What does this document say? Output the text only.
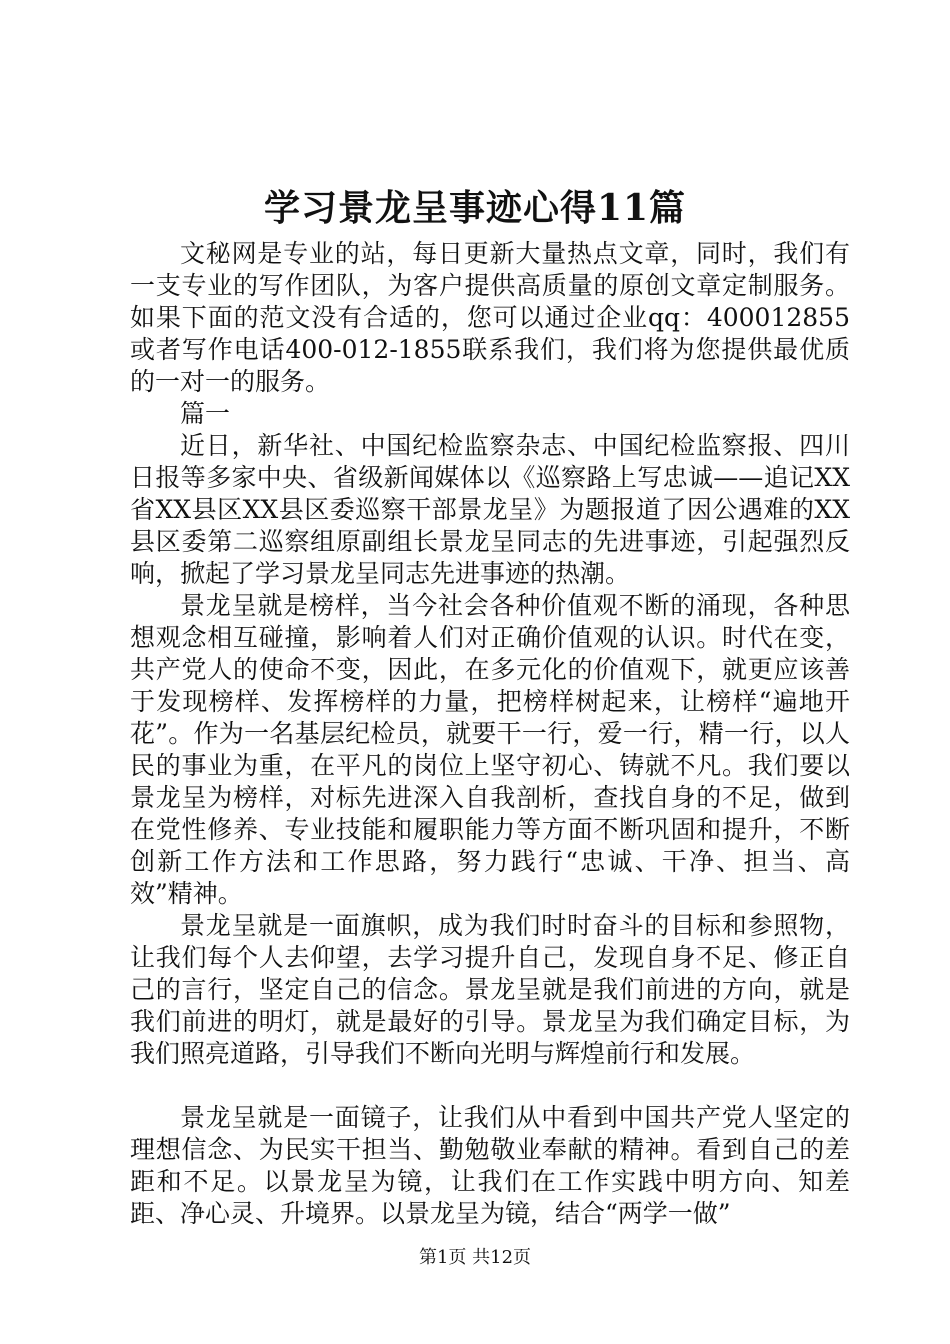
学习景龙呈事迹心得11篇

文秘网是专业的站，每日更新大量热点文章，同时，我们有一支专业的写作团队，为客户提供高质量的原创文章定制服务。如果下面的范文没有合适的，您可以通过企业qq：400012855或者写作电话400-012-1855联系我们，我们将为您提供最优质的一对一的服务。

篇一

近日，新华社、中国纪检监察杂志、中国纪检监察报、四川日报等多家中央、省级新闻媒体以《巡察路上写忠诚——追记XX省XX县区XX县区委巡察干部景龙呈》为题报道了因公遇难的XX县区委第二巡察组原副组长景龙呈同志的先进事迹，引起强烈反响，掀起了学习景龙呈同志先进事迹的热潮。

景龙呈就是榜样，当今社会各种价值观不断的涌现，各种思想观念相互碰撞，影响着人们对正确价值观的认识。时代在变，共产党人的使命不变，因此，在多元化的价值观下，就更应该善于发现榜样、发挥榜样的力量，把榜样树起来，让榜样“遍地开花”。作为一名基层纪检员，就要干一行，爱一行，精一行，以人民的事业为重，在平凡的岗位上坚守初心、铸就不凡。我们要以景龙呈为榜样，对标先进深入自我剖析，查找自身的不足，做到在党性修养、专业技能和履职能力等方面不断巩固和提升，不断创新工作方法和工作思路，努力践行“忠诚、干净、担当、高效”精神。

景龙呈就是一面旗帜，成为我们时时奋斗的目标和参照物，让我们每个人去仰望，去学习提升自己，发现自身不足、修正自己的言行，坚定自己的信念。景龙呈就是我们前进的方向，就是我们前进的明灯，就是最好的引导。景龙呈为我们确定目标，为我们照亮道路，引导我们不断向光明与辉煌前行和发展。

景龙呈就是一面镜子，让我们从中看到中国共产党人坚定的理想信念、为民实干担当、勤勉敬业奉献的精神。看到自己的差距和不足。以景龙呈为镜，让我们在工作实践中明方向、知差距、净心灵、升境界。以景龙呈为镜，结合“两学一做”

第1页 共12页
